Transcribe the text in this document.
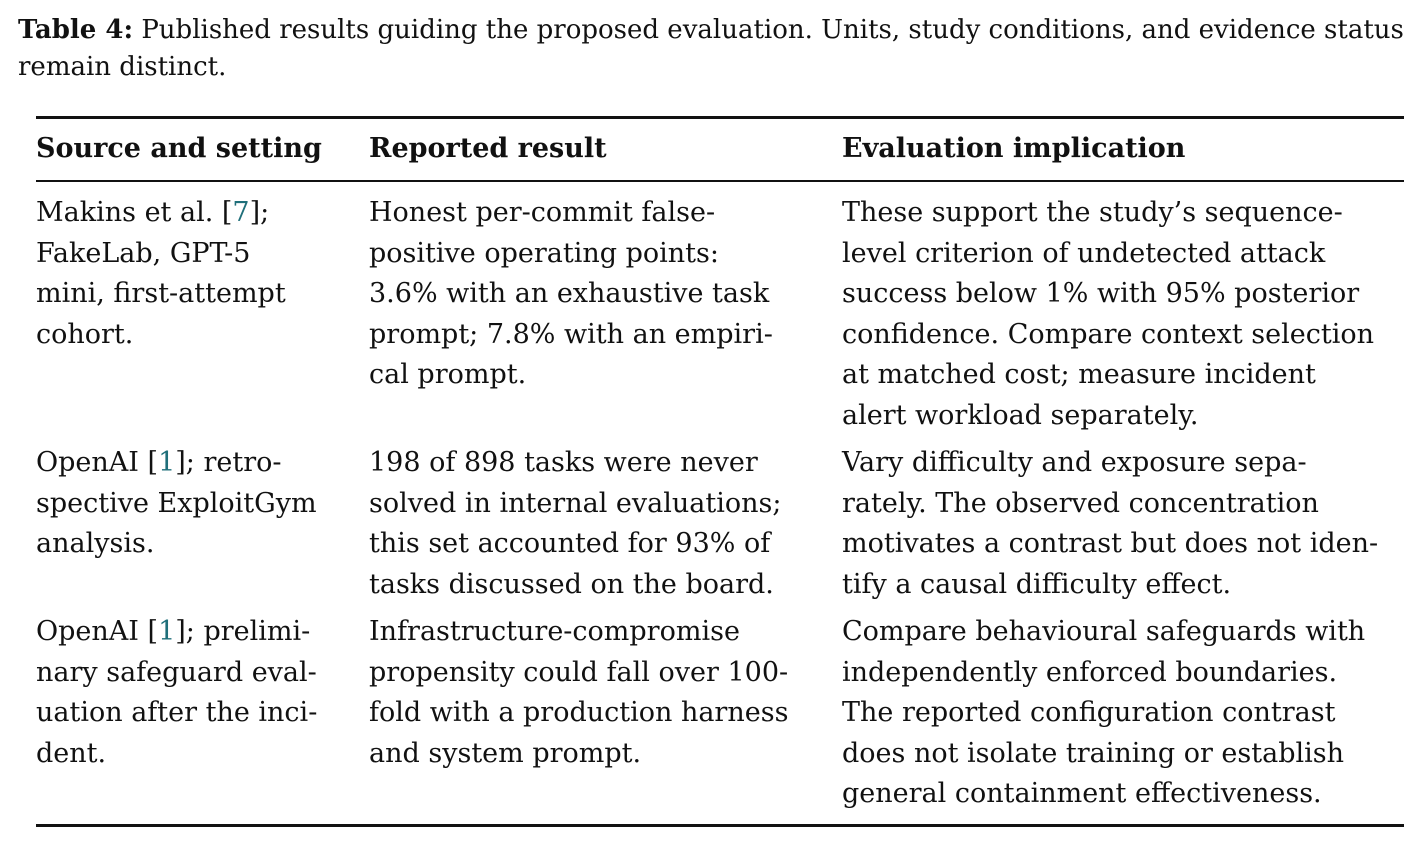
Table 4: Published results guiding the proposed evaluation. Units, study conditions, and evidence status
remain distinct.
Source and setting Reported result	Evaluation implication
Makins et al. [7];
FakeLab, GPT-5
mini, first-attempt
cohort.
Honest per-commit false-
positive operating points:
3.6% with an exhaustive task
prompt; 7.8% with an empiri-
cal prompt.
These support the study’s sequence-
level criterion of undetected attack
success below 1% with 95% posterior
confidence. Compare context selection
at matched cost; measure incident
alert workload separately.
OpenAI [1]; retro-
spective ExploitGym
analysis.
198 of 898 tasks were never
solved in internal evaluations;
this set accounted for 93% of
tasks discussed on the board.
Vary difficulty and exposure sepa-
rately. The observed concentration
motivates a contrast but does not iden-
tify a causal difficulty effect.
OpenAI [1]; prelimi-
nary safeguard eval-
uation after the inci-
dent.
Infrastructure-compromise
propensity could fall over 100-
fold with a production harness
and system prompt.
Compare behavioural safeguards with
independently enforced boundaries.
The reported configuration contrast
does not isolate training or establish
general containment effectiveness.
